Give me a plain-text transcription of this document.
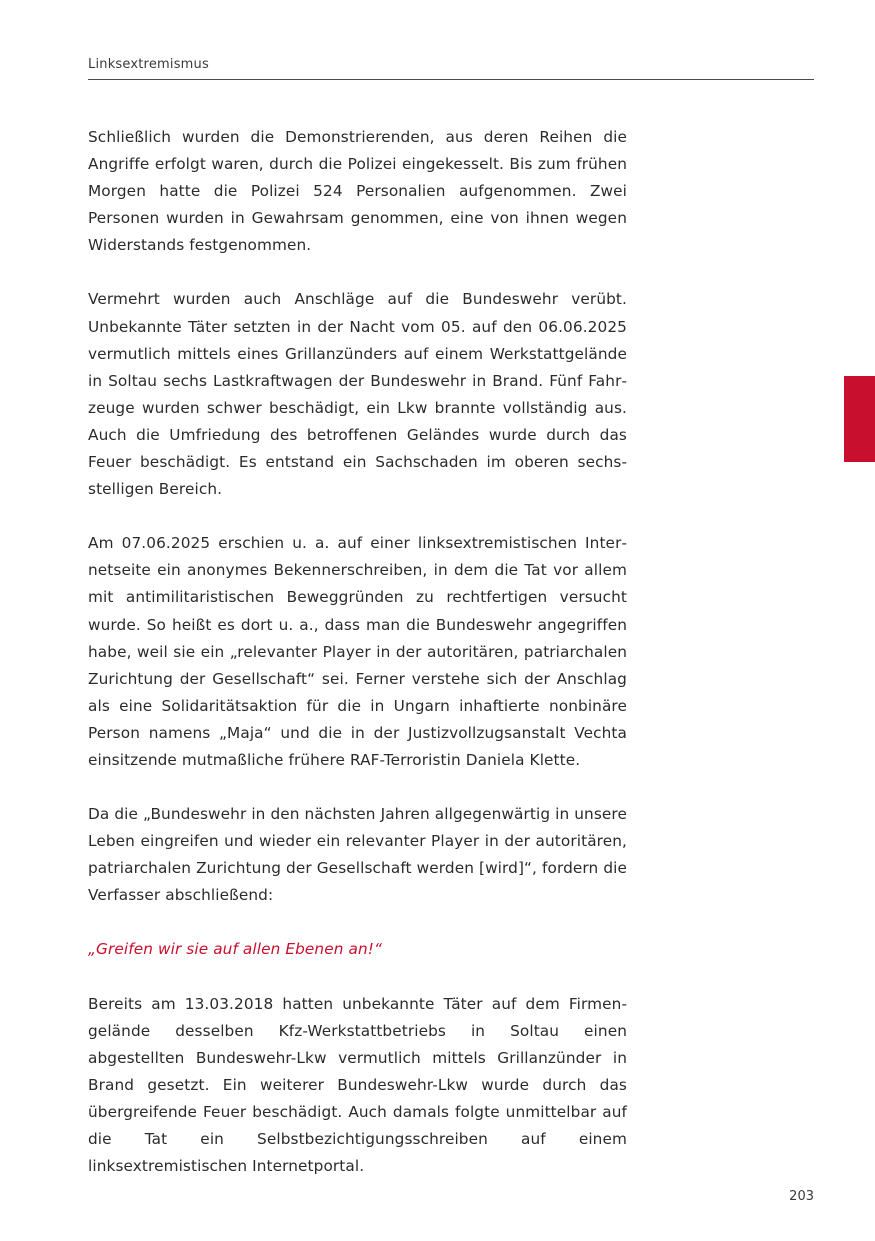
Linksextremismus

Schließlich wurden die Demonstrierenden, aus deren Reihen die Angriffe erfolgt waren, durch die Polizei eingekesselt. Bis zum frühen Morgen hatte die Polizei 524 Personalien aufgenommen. Zwei Personen wurden in Gewahrsam genommen, eine von ihnen wegen Widerstands festgenommen.

Vermehrt wurden auch Anschläge auf die Bundeswehr verübt. Unbekannte Täter setzten in der Nacht vom 05. auf den 06.06.2025 vermutlich mittels eines Grillanzünders auf einem Werkstattgelände in Soltau sechs Lastkraftwagen der Bundeswehr in Brand. Fünf Fahrzeuge wurden schwer beschädigt, ein Lkw brannte vollständig aus. Auch die Umfriedung des betroffenen Geländes wurde durch das Feuer beschädigt. Es entstand ein Sachschaden im oberen sechsstelligen Bereich.

Am 07.06.2025 erschien u. a. auf einer linksextremistischen Internetseite ein anonymes Bekennerschreiben, in dem die Tat vor allem mit antimilitaristischen Beweggründen zu rechtfertigen versucht wurde. So heißt es dort u. a., dass man die Bundeswehr angegriffen habe, weil sie ein „relevanter Player in der autoritären, patriarchalen Zurichtung der Gesellschaft“ sei. Ferner verstehe sich der Anschlag als eine Solidaritätsaktion für die in Ungarn inhaftierte nonbinäre Person namens „Maja“ und die in der Justizvollzugsanstalt Vechta einsitzende mutmaßliche frühere RAF-Terroristin Daniela Klette.

Da die „Bundeswehr in den nächsten Jahren allgegenwärtig in unsere Leben eingreifen und wieder ein relevanter Player in der autoritären, patriarchalen Zurichtung der Gesellschaft werden [wird]“, fordern die Verfasser abschließend:

„Greifen wir sie auf allen Ebenen an!“

Bereits am 13.03.2018 hatten unbekannte Täter auf dem Firmengelände desselben Kfz-Werkstattbetriebs in Soltau einen abgestellten Bundeswehr-Lkw vermutlich mittels Grillanzünder in Brand gesetzt. Ein weiterer Bundeswehr-Lkw wurde durch das übergreifende Feuer beschädigt. Auch damals folgte unmittelbar auf die Tat ein Selbstbezichtigungsschreiben auf einem linksextremistischen Internetportal.

203
